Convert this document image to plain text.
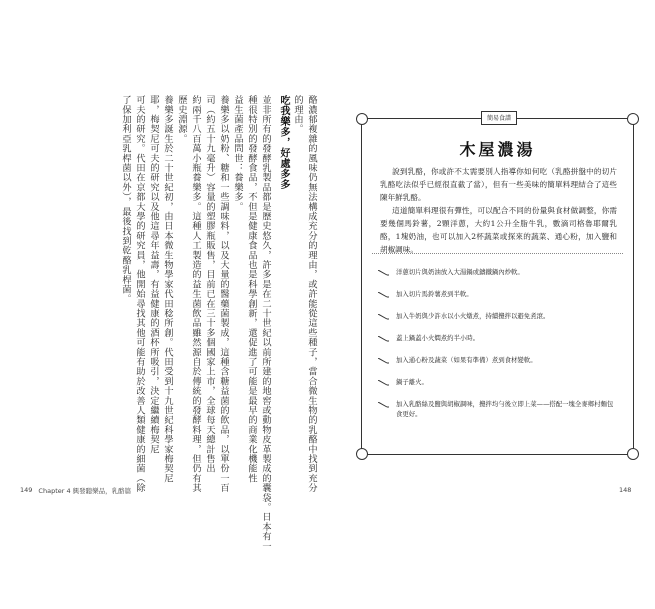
酪濃郁複雜的風味仍無法構成充分的理由，或許能從這些種子，當合微生物的乳酪中找到充分
的理由。
吃我樂多，好處多多
並非所有的發酵乳製品都是歷史悠久，許多是在二十世紀以前所建的地窖或動物皮革製成的囊袋。日本有一
種很特別的發酵食品，不但是健康食品也是科學創新，還促進了可能是最早的商業化機能性
益生菌產品問世：養樂多。
養樂多以奶粉、糖和一些調味料，以及大量的醫藥菌製成，這種含糖益菌的飲品，以單份一百
司（約五十九毫升）容量的塑膠瓶販售，目前已在三十多個國家上市，全球每天總計售出
約兩千八百萬小瓶養樂多。這種人工製造的益生菌飲品雖然源自於傳統的發酵料理，但仍有其
歷史淵源。
養樂多誕生於二十世紀初，由日本微生物學家代田稔所創。代田受到十九世紀科學家梅契尼
耶，梅契尼可夫的研究以及他這尋年益壽，有益健康的酒杯所吸引，決定繼續梅契尼
可夫的研究。代田在京都大學的研究員，他開始尋找其他可能有助於改善人類健康的細菌（除
了保加利亞乳桿菌以外），最後找到乾酪乳桿菌。
149 Chapter 4 興發聽樂品，乳酪篇
簡易食譜
木屋濃湯

說到乳酪，你或許不太需要別人指導你如何吃（乳酪拼盤中的切片乳酪吃法似乎已經很直截了當），但有一些美味的簡單料理結合了這些陳年鮮乳酪。

這道簡單料理很有彈性，可以配合不同的份量與食材做調整，你需要幾個馬鈴薯，2顆洋蔥，大約1公升全脂牛乳，數滴司格魯耶爾乳酪，1塊奶油，也可以加入2杯蔬菜或探來的蔬菜、通心粉，加入鹽和胡椒調味。

洋蔥切片與奶油放入大湯鍋或鑄鐵鍋內炒軟。
加入切片馬鈴薯煮到半軟。
加入牛奶與少許水以小火燉煮，持續攪拌以避免煮滾。
蓋上鍋蓋小火燜煮約半小時。
加入通心粉及蔬菜（如果有準備）煮到食材變軟。
鍋子離火。
加入乳酪絲及鹽與胡椒調味，攪拌均勻後立即上菜——搭配一塊全麥鄉村麵包食更好。
148
